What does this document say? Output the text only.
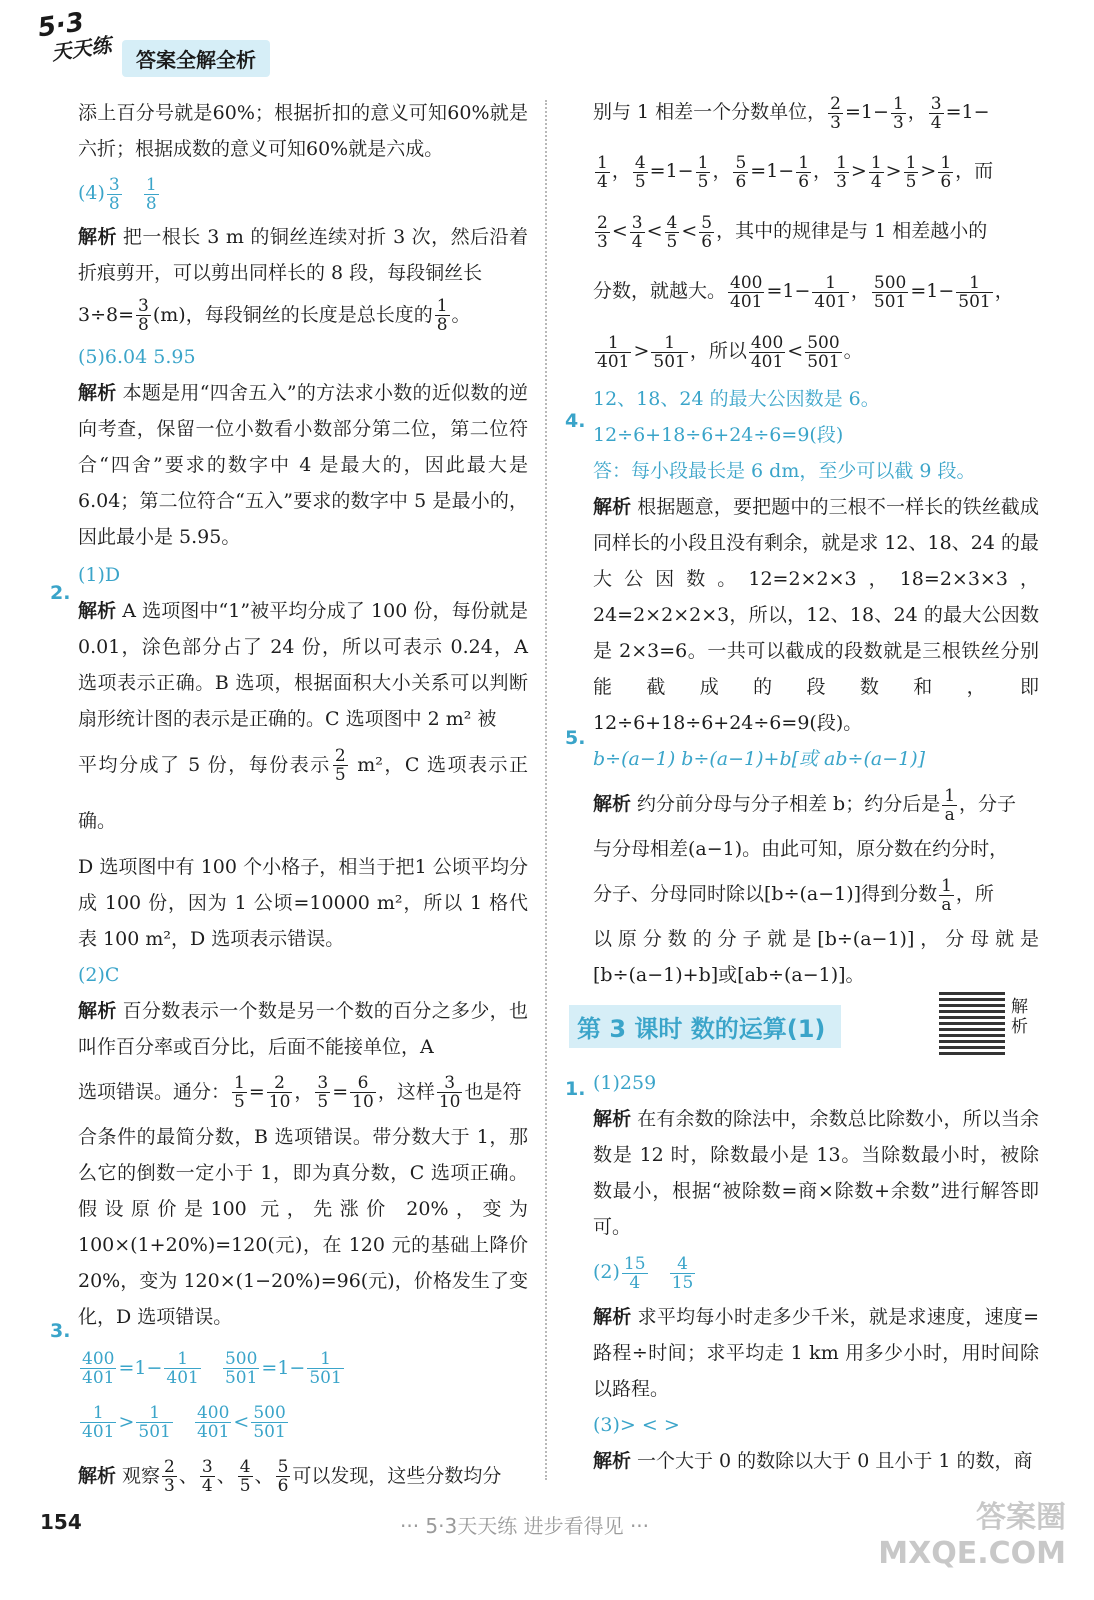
5·3
天天练	答案全解全析

添上百分号就是60%；根据折扣的意义可知60%就是六折；根据成数的意义可知60%就是六成。

$(4) \frac{3}{8}$
$\frac{1}{8}$

解析 把一根长 3 m 的铜丝连续对折 3 次，然后沿着折痕剪开，可以剪出同样长的 8 段，每段铜丝长

$3\div 8= \frac{3}{8} (m)$，每段铜丝的长度是总长度的 $\frac{1}{8}$ 。

(5)6.04 5.95

解析 本题是用“四舍五入”的方法求小数的近似数的逆向考查，保留一位小数看小数部分第二位，第二位符合“四舍”要求的数字中 4 是最大的，因此最大是 6.04；第二位符合“五入”要求的数字中 5 是最小的，因此最小是 5.95。

(1)D

解析 A 选项图中“1”被平均分成了 100 份，每份就是 0.01，涂色部分占了 24 份，所以可表示 0.24，A 选项表示正确。B 选项，根据面积大小关系可以判断扇形统计图的表示是正确的。C 选项图中 2 m² 被

平均分成了 5 份，每份表示 $\frac{2}{5} m^2$，C 选项表示正确。

D 选项图中有 100 个小格子，相当于把1 公顷平均分成 100 份，因为 1 公顷=10000 m²，所以 1 格代表 100 m²，D 选项表示错误。

(2)C

解析 百分数表示一个数是另一个数的百分之多少，也叫作百分率或百分比，后面不能接单位，A

选项错误。通分： $\frac{1}{5} = \frac{2}{10}$ ， $\frac{3}{5} = \frac{6}{10}$ ，这样 $\frac{3}{10}$ 也是符

合条件的最简分数，B 选项错误。带分数大于 1，那么它的倒数一定小于 1，即为真分数，C 选项正确。假设原价是100 元，先涨价 20%，变为 100×(1+20%)=120(元)，在 120 元的基础上降价 20%，变为 120×(1−20%)=96(元)，价格发生了变化，D 选项错误。

$\frac{400}{401} =1- \frac{1}{401}$
$\frac{500}{501} =1- \frac{1}{501}$

$\frac{1}{401} > \frac{1}{501}$
$\frac{400}{401} < \frac{500}{501}$

解析 观察 $\frac{2}{3}$ 、 $\frac{3}{4}$ 、 $\frac{4}{5}$ 、 $\frac{5}{6}$ 可以发现，这些分数均分

2.
3.

别与 1 相差一个分数单位， $\frac{2}{3} =1- \frac{1}{3}$ ， $\frac{3}{4} =1-$

$\frac{1}{4}$ ， $\frac{4}{5} =1- \frac{1}{5}$ ， $\frac{5}{6} =1- \frac{1}{6}$ ， $\frac{1}{3} > \frac{1}{4} > \frac{1}{5} > \frac{1}{6}$ ，而

$\frac{2}{3} < \frac{3}{4} < \frac{4}{5} < \frac{5}{6}$ ，其中的规律是与 1 相差越小的

分数，就越大。 $\frac{400}{401} =1- \frac{1}{401}$ ， $\frac{500}{501} =1- \frac{1}{501}$ ，

$\frac{1}{401} > \frac{1}{501}$ ，所以 $\frac{400}{401} < \frac{500}{501}$ 。

12、18、24 的最大公因数是 6。

12÷6+18÷6+24÷6=9(段)

答：每小段最长是 6 dm，至少可以截 9 段。

解析 根据题意，要把题中的三根不一样长的铁丝截成同样长的小段且没有剩余，就是求 12、18、24 的最大公因数。12=2×2×3，18=2×3×3，24=2×2×2×3，所以，12、18、24 的最大公因数是 2×3=6。一共可以截成的段数就是三根铁丝分别能截成的段数和，即 12÷6+18÷6+24÷6=9(段)。

b÷(a−1) b÷(a−1)+b[或 ab÷(a−1)]

解析 约分前分母与分子相差 b；约分后是 $\frac{1}{a}$ ，分子

与分母相差(a−1)。由此可知，原分数在约分时，

分子、分母同时除以[b÷(a−1)]得到分数 $\frac{1}{a}$ ，所

以原分数的分子就是[b÷(a−1)]，分母就是[b÷(a−1)+b]或[ab÷(a−1)]。

第 3 课时 数的运算(1)
解析

(1)259

解析 在有余数的除法中，余数总比除数小，所以当余数是 12 时，除数最小是 13。当除数最小时，被除数最小，根据“被除数=商×除数+余数”进行解答即可。

$(2) \frac{15}{4}$
$\frac{4}{15}$

解析 求平均每小时走多少千米，就是求速度，速度=路程÷时间；求平均走 1 km 用多少小时，用时间除以路程。

(3)> < >

解析 一个大于 0 的数除以大于 0 且小于 1 的数，商

4.
5.
1.
154	··· 5·3天天练 进步看得见 ···	答案圈
MXQE.COM
